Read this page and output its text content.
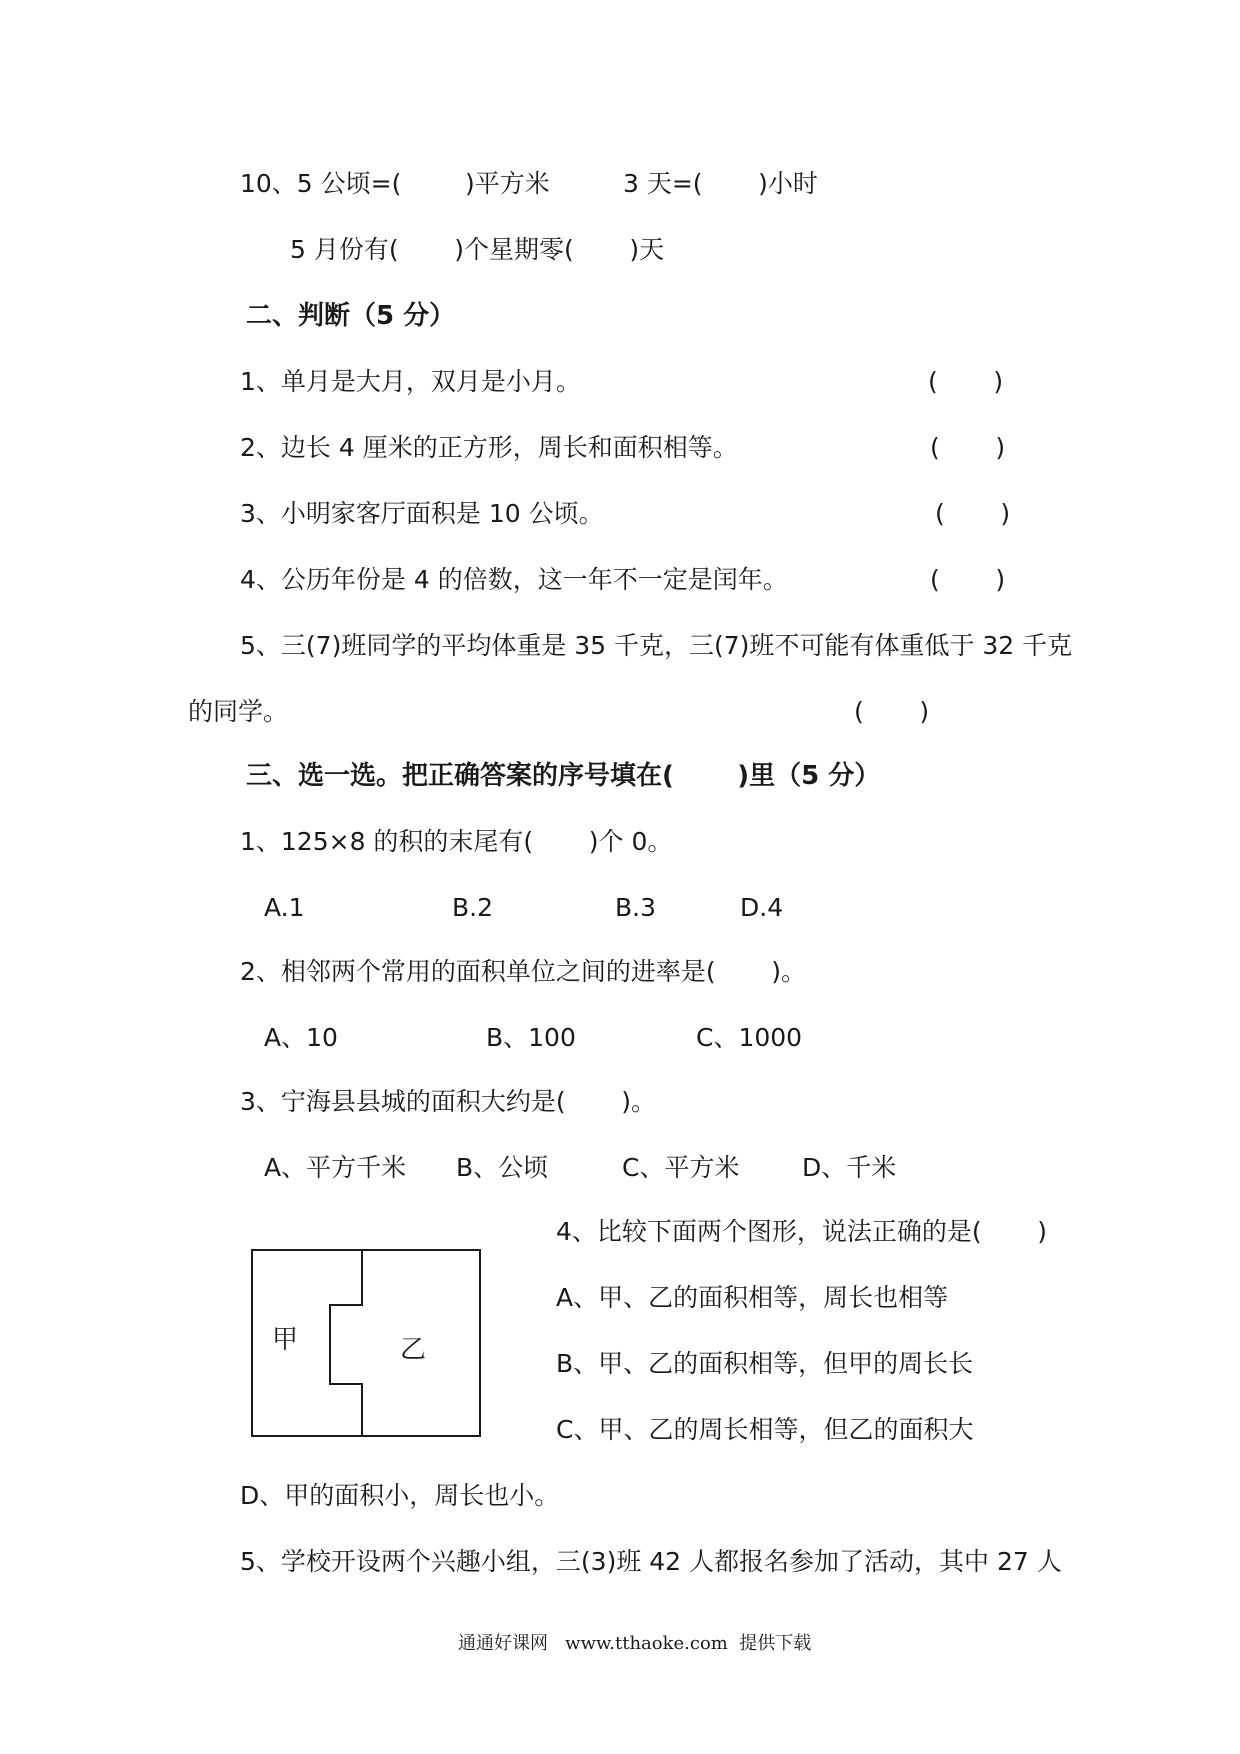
10、5 公顷=(        )平方米	3 天=(       )小时
5 月份有(       )个星期零(       )天
二、判断（5 分）
1、单月是大月，双月是小月。	(       )
2、边长 4 厘米的正方形，周长和面积相等。	(       )
3、小明家客厅面积是 10 公顷。	(       )
4、公历年份是 4 的倍数，这一年不一定是闰年。	(       )
5、三(7)班同学的平均体重是 35 千克，三(7)班不可能有体重低于 32 千克
的同学。	(       )
三、选一选。把正确答案的序号填在(       )里（5 分）
1、125×8 的积的末尾有(       )个 0。
A.1	B.2	B.3	D.4
2、相邻两个常用的面积单位之间的进率是(       )。
A、10	B、100	C、1000
3、宁海县县城的面积大约是(       )。
A、平方千米 B、公顷	C、平方米	D、千米
4、比较下面两个图形，说法正确的是(       )
A、甲、乙的面积相等，周长也相等
B、甲、乙的面积相等，但甲的周长长
C、甲、乙的周长相等，但乙的面积大
D、甲的面积小，周长也小。
甲	乙
5、学校开设两个兴趣小组，三(3)班 42 人都报名参加了活动，其中 27 人
通通好课网   www.tthaoke.com  提供下载
